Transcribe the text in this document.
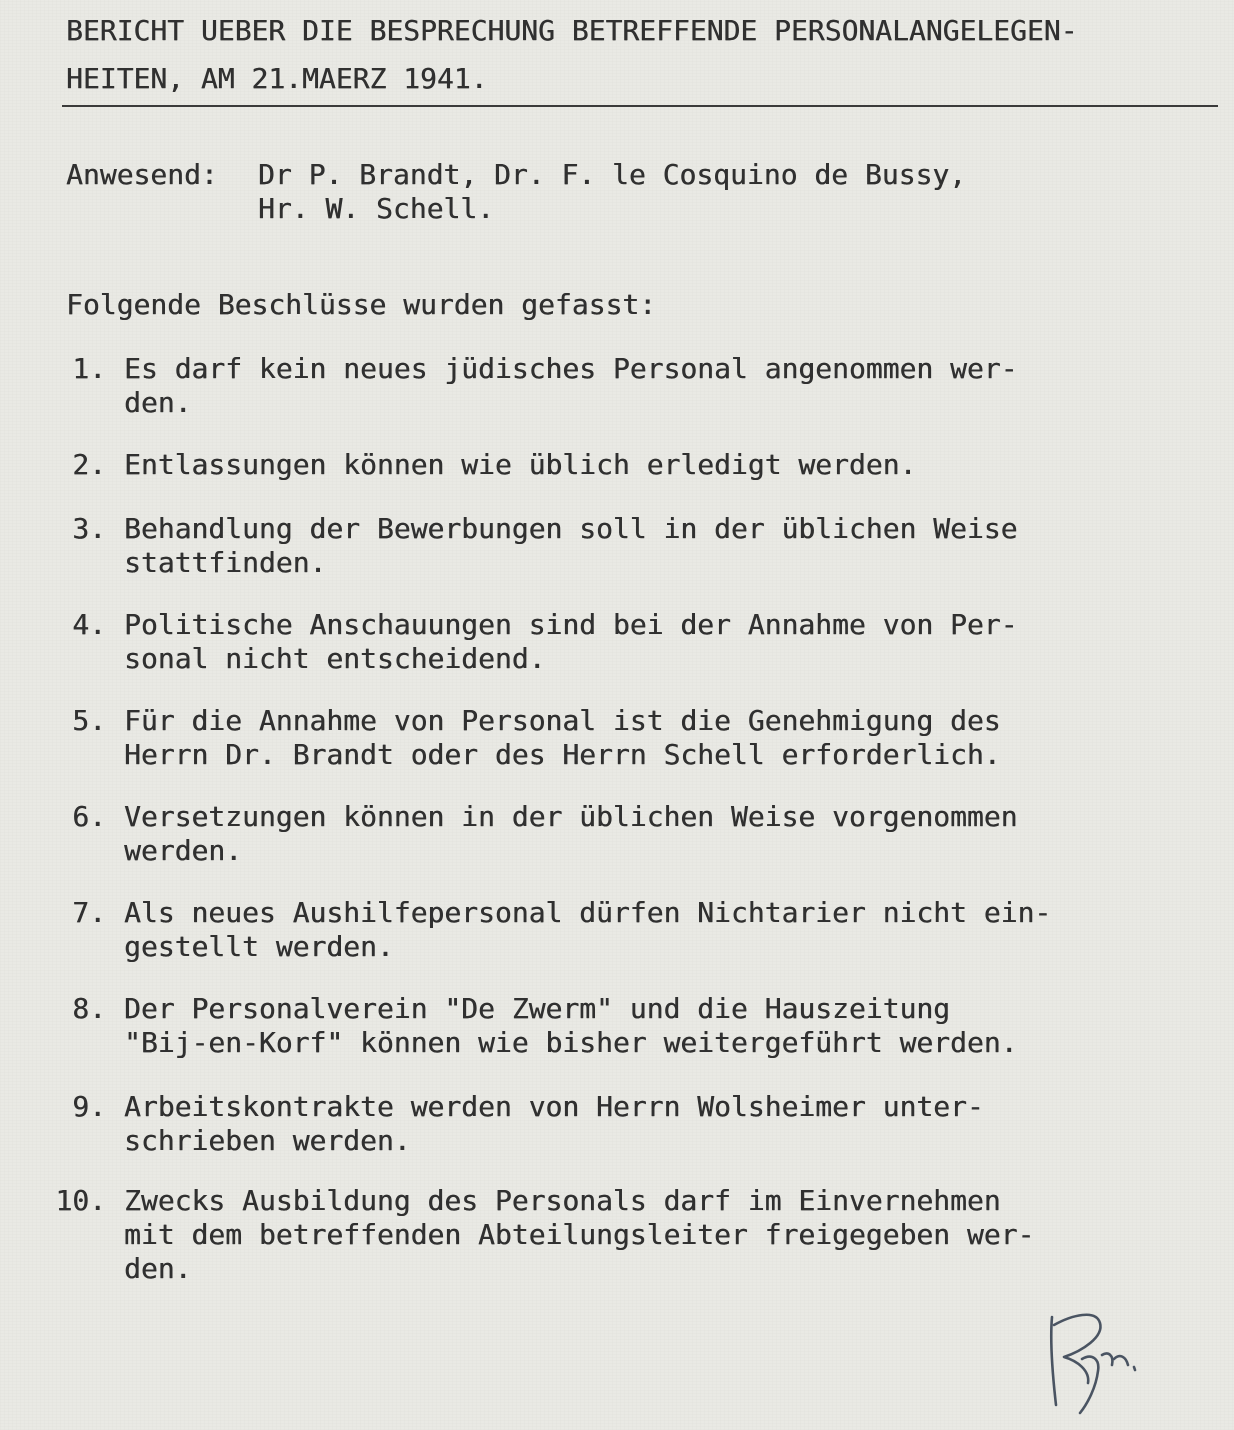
BERICHT UEBER DIE BESPRECHUNG BETREFFENDE PERSONALANGELEGEN-

HEITEN, AM 21.MAERZ 1941.

Anwesend: Dr P. Brandt, Dr. F. le Cosquino de Bussy,

Hr. W. Schell.

Folgende Beschlüsse wurden gefasst:

1. Es darf kein neues jüdisches Personal angenommen wer-

den.

2. Entlassungen können wie üblich erledigt werden.

3. Behandlung der Bewerbungen soll in der üblichen Weise

stattfinden.

4. Politische Anschauungen sind bei der Annahme von Per-

sonal nicht entscheidend.

5. Für die Annahme von Personal ist die Genehmigung des

Herrn Dr. Brandt oder des Herrn Schell erforderlich.

6. Versetzungen können in der üblichen Weise vorgenommen

werden.

7. Als neues Aushilfepersonal dürfen Nichtarier nicht ein-

gestellt werden.

8. Der Personalverein "De Zwerm" und die Hauszeitung

"Bij-en-Korf" können wie bisher weitergeführt werden.

9. Arbeitskontrakte werden von Herrn Wolsheimer unter-

schrieben werden.

10. Zwecks Ausbildung des Personals darf im Einvernehmen

mit dem betreffenden Abteilungsleiter freigegeben wer-

den.
